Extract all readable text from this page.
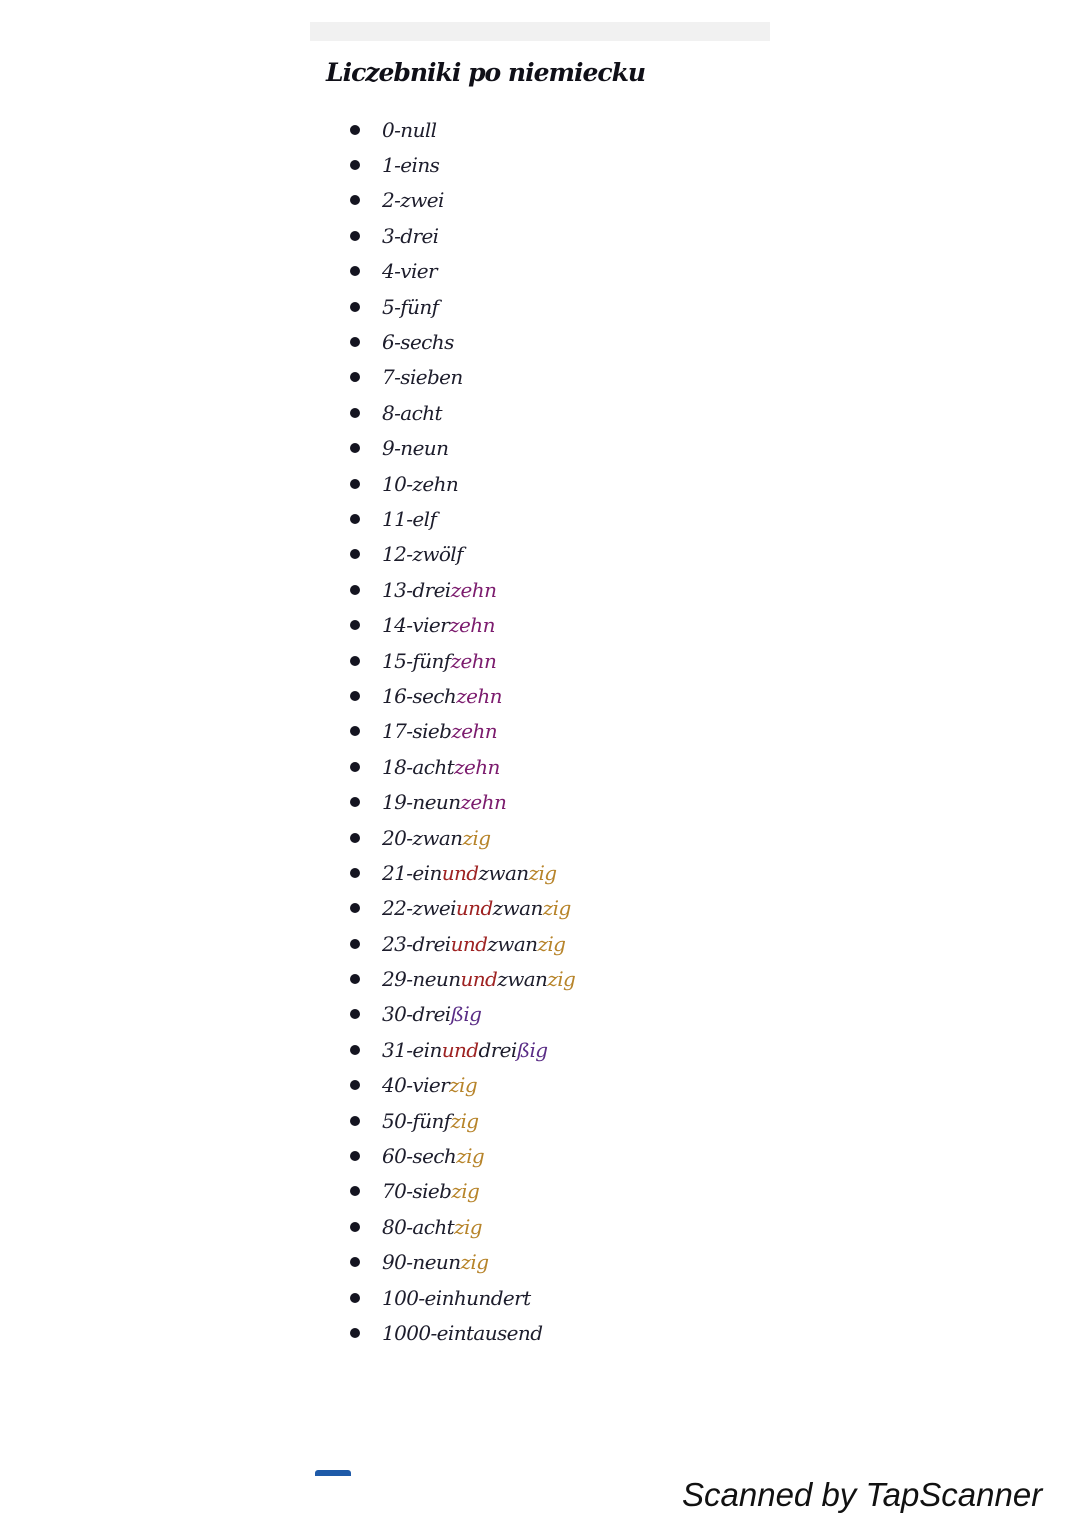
Liczebniki po niemiecku
0-null
1-eins
2-zwei
3-drei
4-vier
5-fünf
6-sechs
7-sieben
8-acht
9-neun
10-zehn
11-elf
12-zwölf
13-dreizehn
14-vierzehn
15-fünfzehn
16-sechzehn
17-siebzehn
18-achtzehn
19-neunzehn
20-zwanzig
21-einundzwanzig
22-zweiundzwanzig
23-dreiundzwanzig
29-neunundzwanzig
30-dreißig
31-einunddreißig
40-vierzig
50-fünfzig
60-sechzig
70-siebzig
80-achtzig
90-neunzig
100-einhundert
1000-eintausend
Scanned by TapScanner
